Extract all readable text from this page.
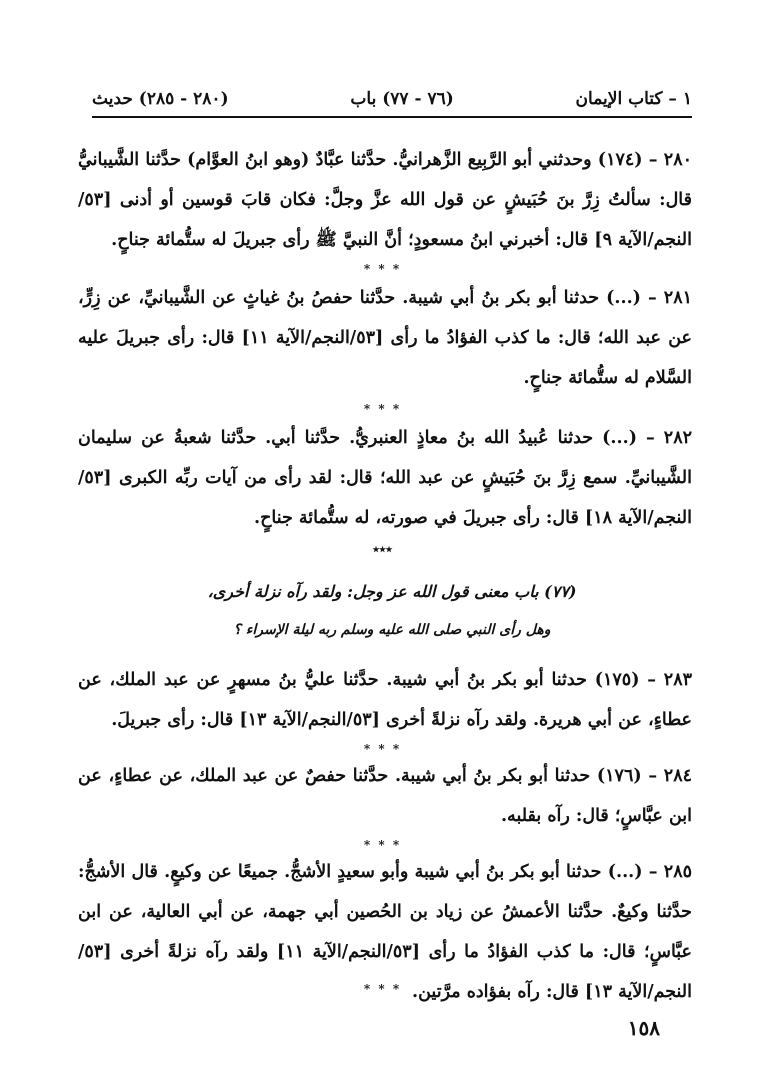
١ – كتاب الإيمان
(٧٦ - ٧٧) باب
(٢٨٠ - ٢٨٥) حديث
٢٨٠ – (١٧٤) وحدثني أبو الرَّبِيع الزَّهرانيُّ. حدَّثنا عبَّادٌ (وهو ابنُ العوَّام) حدَّثنا الشَّيبانيُّ قال: سألتُ زِرَّ بنَ حُبَيشٍ عن قول الله عزَّ وجلَّ: فكان قابَ قوسين أو أدنى [٥٣/النجم/الآية ٩] قال: أخبرني ابنُ مسعودٍ؛ أنَّ النبيَّ ﷺ رأى جبريلَ له ستُّمائة جناحٍ.
* * *
٢٨١ – (...) حدثنا أبو بكر بنُ أبي شيبة. حدَّثنا حفصُ بنُ غياثٍ عن الشَّيبانيِّ، عن زِرٍّ، عن عبد الله؛ قال: ما كذب الفؤادُ ما رأى [٥٣/النجم/الآية ١١] قال: رأى جبريلَ عليه السَّلام له ستُّمائة جناحٍ.
* * *
٢٨٢ – (...) حدثنا عُبيدُ الله بنُ معاذٍ العنبريُّ. حدَّثنا أبي. حدَّثنا شعبةُ عن سليمان الشَّيبانيِّ. سمع زِرَّ بنَ حُبَيشٍ عن عبد الله؛ قال: لقد رأى من آيات ربِّه الكبرى [٥٣/النجم/الآية ١٨] قال: رأى جبريلَ في صورته، له ستُّمائة جناحٍ.
٭٭٭
(٧٧) باب معنى قول الله عز وجل: ولقد رآه نزلة أخرى،
وهل رأى النبي صلى الله عليه وسلم ربه ليلة الإسراء ؟
٢٨٣ – (١٧٥) حدثنا أبو بكر بنُ أبي شيبة. حدَّثنا عليُّ بنُ مسهرٍ عن عبد الملك، عن عطاءٍ، عن أبي هريرة. ولقد رآه نزلةً أخرى [٥٣/النجم/الآية ١٣] قال: رأى جبريلَ.
* * *
٢٨٤ – (١٧٦) حدثنا أبو بكر بنُ أبي شيبة. حدَّثنا حفصٌ عن عبد الملك، عن عطاءٍ، عن ابن عبَّاسٍ؛ قال: رآه بقلبه.
* * *
٢٨٥ – (...) حدثنا أبو بكر بنُ أبي شيبة وأبو سعيدٍ الأشجُّ. جميعًا عن وكيعٍ. قال الأشجُّ: حدَّثنا وكيعٌ. حدَّثنا الأعمشُ عن زياد بن الحُصين أبي جهمة، عن أبي العالية، عن ابن عبَّاسٍ؛ قال: ما كذب الفؤادُ ما رأى [٥٣/النجم/الآية ١١] ولقد رآه نزلةً أخرى [٥٣/النجم/الآية ١٣] قال: رآه بفؤاده مرَّتين.
* * *
١٥٨
